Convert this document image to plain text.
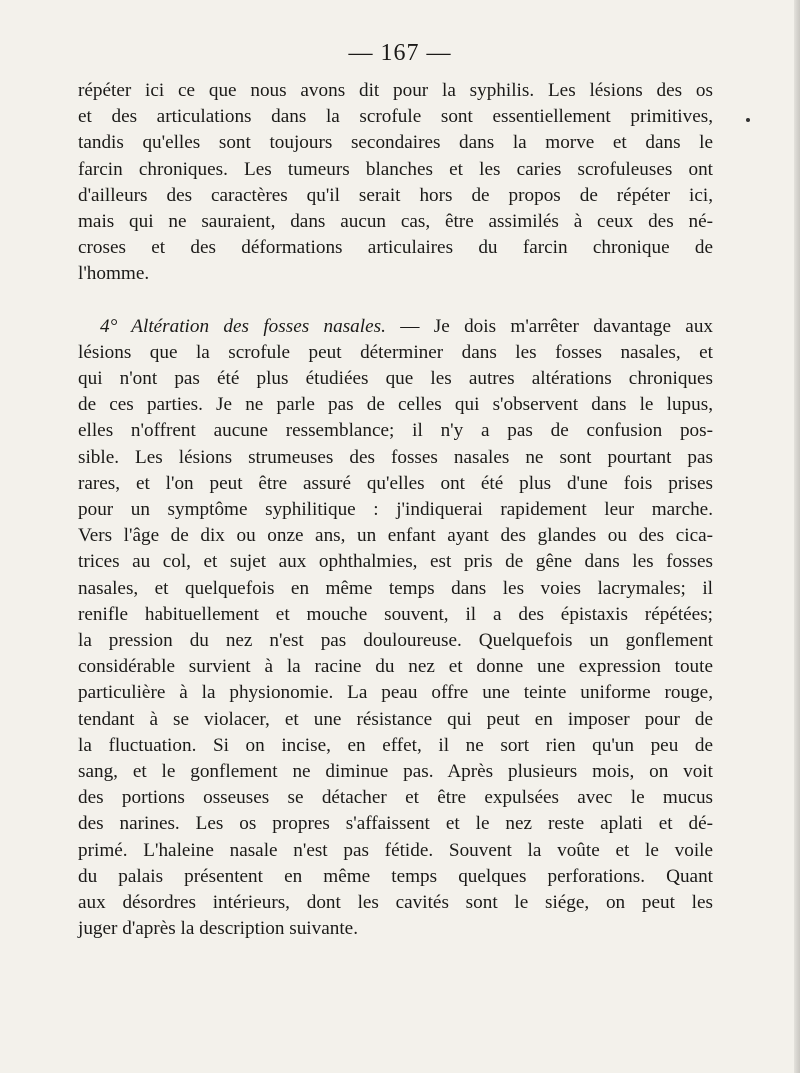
— 167 —

répéter ici ce que nous avons dit pour la syphilis. Les lésions des os
et des articulations dans la scrofule sont essentiellement primitives,
tandis qu'elles sont toujours secondaires dans la morve et dans le
farcin chroniques. Les tumeurs blanches et les caries scrofuleuses ont
d'ailleurs des caractères qu'il serait hors de propos de répéter ici,
mais qui ne sauraient, dans aucun cas, être assimilés à ceux des né-
croses et des déformations articulaires du farcin chronique de
l'homme.

4° Altération des fosses nasales. — Je dois m'arrêter davantage aux
lésions que la scrofule peut déterminer dans les fosses nasales, et
qui n'ont pas été plus étudiées que les autres altérations chroniques
de ces parties. Je ne parle pas de celles qui s'observent dans le lupus,
elles n'offrent aucune ressemblance; il n'y a pas de confusion pos-
sible. Les lésions strumeuses des fosses nasales ne sont pourtant pas
rares, et l'on peut être assuré qu'elles ont été plus d'une fois prises
pour un symptôme syphilitique : j'indiquerai rapidement leur marche.
Vers l'âge de dix ou onze ans, un enfant ayant des glandes ou des cica-
trices au col, et sujet aux ophthalmies, est pris de gêne dans les fosses
nasales, et quelquefois en même temps dans les voies lacrymales; il
renifle habituellement et mouche souvent, il a des épistaxis répétées;
la pression du nez n'est pas douloureuse. Quelquefois un gonflement
considérable survient à la racine du nez et donne une expression toute
particulière à la physionomie. La peau offre une teinte uniforme rouge,
tendant à se violacer, et une résistance qui peut en imposer pour de
la fluctuation. Si on incise, en effet, il ne sort rien qu'un peu de
sang, et le gonflement ne diminue pas. Après plusieurs mois, on voit
des portions osseuses se détacher et être expulsées avec le mucus
des narines. Les os propres s'affaissent et le nez reste aplati et dé-
primé. L'haleine nasale n'est pas fétide. Souvent la voûte et le voile
du palais présentent en même temps quelques perforations. Quant
aux désordres intérieurs, dont les cavités sont le siége, on peut les
juger d'après la description suivante.
